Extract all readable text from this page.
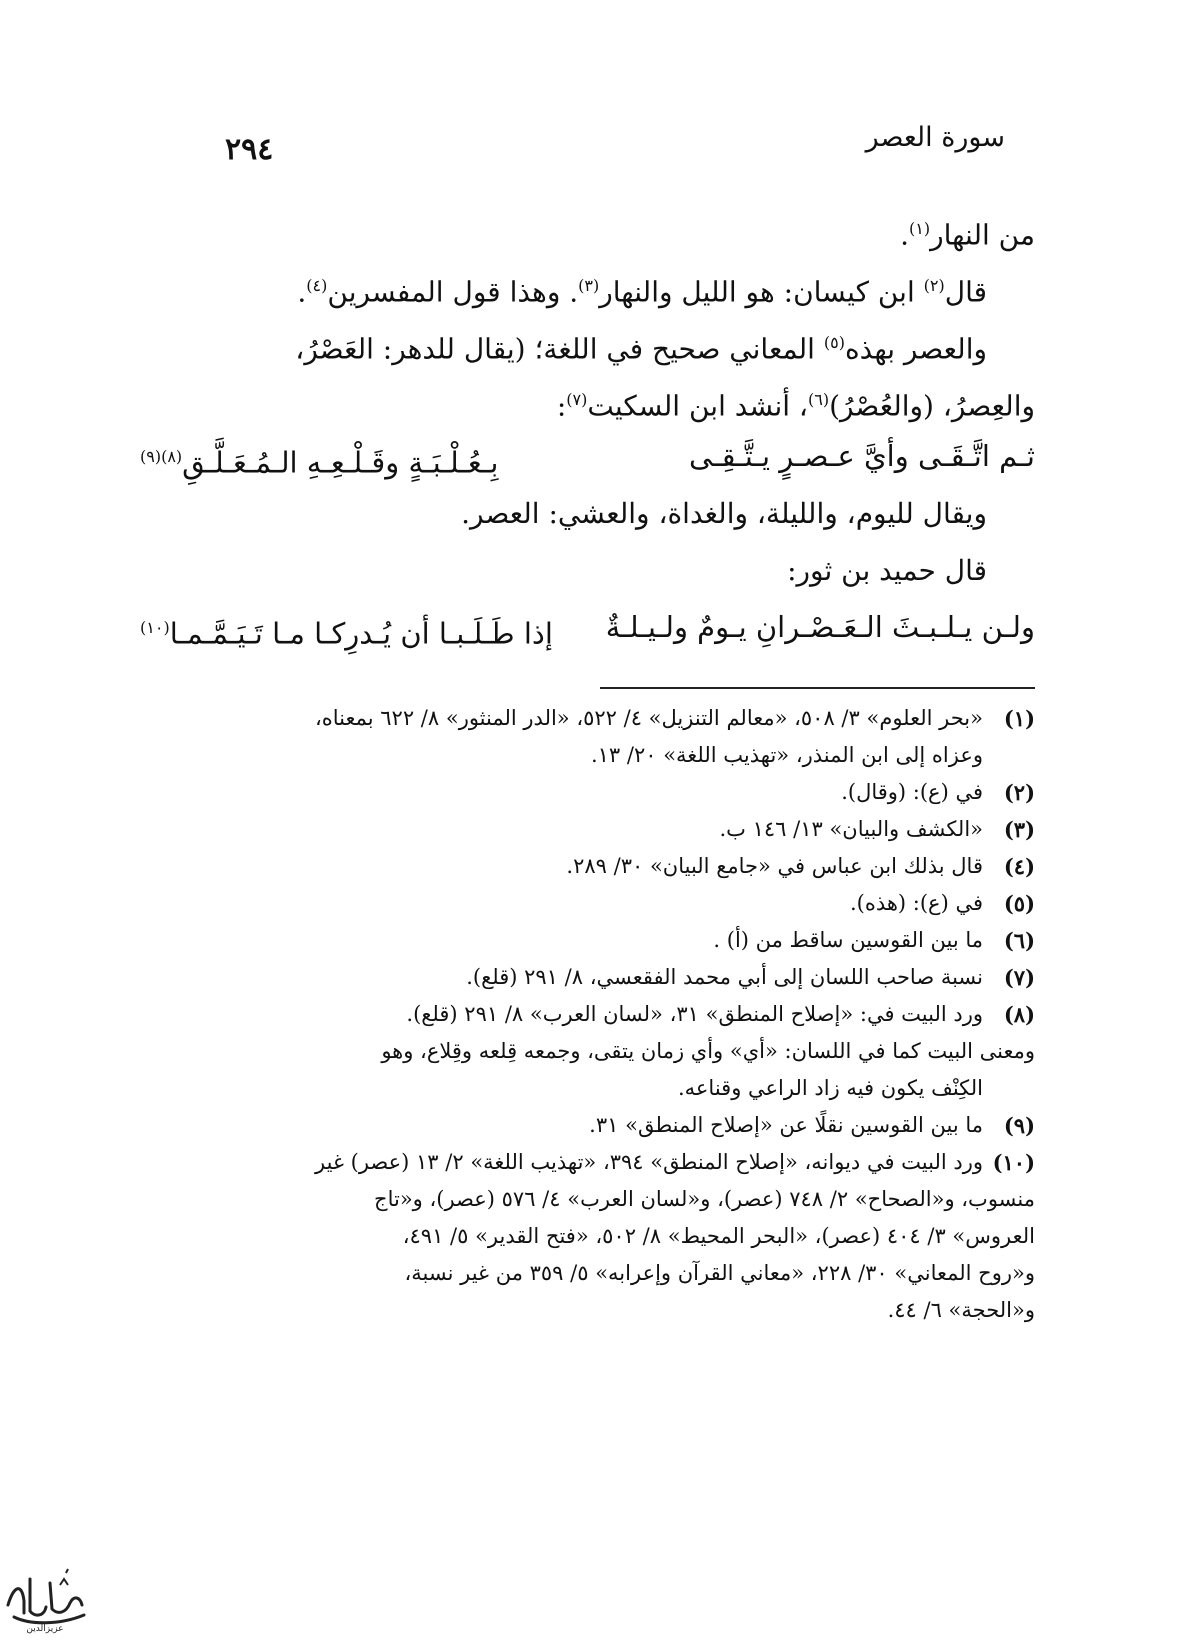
٢٩٤	سورة العصر

من النهار$^{(١)}$.

قال$^{(٢)}$ ابن كيسان: هو الليل والنهار$^{(٣)}$. وهذا قول المفسرين$^{(٤)}$.

والعصر بهذه$^{(٥)}$ المعاني صحيح في اللغة؛ (يقال للدهر: العَصْرُ،

والعِصرُ، (والعُصْرُ)$^{(٦)}$، أنشد ابن السكيت$^{(٧)}$:

ثـم اتَّـقَـى وأيَّ عـصـرٍ يـتَّـقِـى
بِـعُـلْـبَـةٍ وقَـلْـعِـهِ الـمُـعَـلَّـقِ$^{(٨)(٩)}$

ويقال لليوم، والليلة، والغداة، والعشي: العصر.

قال حميد بن ثور:

ولـن يـلـبـثَ الـعَـصْـرانِ يـومٌ ولـيـلـةٌ
إذا طَـلَـبـا أن يُـدرِكـا مـا تَـيَـمَّـمـا$^{(١٠)}$
(١)
«بحر العلوم» ٣/ ٥٠٨، «معالم التنزيل» ٤/ ٥٢٢، «الدر المنثور» ٨/ ٦٢٢ بمعناه،
وعزاه إلى ابن المنذر، «تهذيب اللغة» ٢٠/ ١٣.
(٢)
في (ع): (وقال).
(٣)
«الكشف والبيان» ١٣/ ١٤٦ ب.
(٤)
قال بذلك ابن عباس في «جامع البيان» ٣٠/ ٢٨٩.
(٥)
في (ع): (هذه).
(٦)
ما بين القوسين ساقط من (أ) .
(٧)
نسبة صاحب اللسان إلى أبي محمد الفقعسي، ٨/ ٢٩١ (قلع).
(٨)
ورد البيت في: «إصلاح المنطق» ٣١، «لسان العرب» ٨/ ٢٩١ (قلع).
ومعنى البيت كما في اللسان: «أي» وأي زمان يتقى، وجمعه قِلعه وقِلاع، وهو
الكِنْف يكون فيه زاد الراعي وقناعه.
(٩)
ما بين القوسين نقلًا عن «إصلاح المنطق» ٣١.
(١٠)
ورد البيت في ديوانه، «إصلاح المنطق» ٣٩٤، «تهذيب اللغة» ٢/ ١٣ (عصر) غير
منسوب، و«الصحاح» ٢/ ٧٤٨ (عصر)، و«لسان العرب» ٤/ ٥٧٦ (عصر)، و«تاج
العروس» ٣/ ٤٠٤ (عصر)، «البحر المحيط» ٨/ ٥٠٢، «فتح القدير» ٥/ ٤٩١،
و«روح المعاني» ٣٠/ ٢٢٨، «معاني القرآن وإعرابه» ٥/ ٣٥٩ من غير نسبة،
و«الحجة» ٦/ ٤٤.
عزيزالدين
